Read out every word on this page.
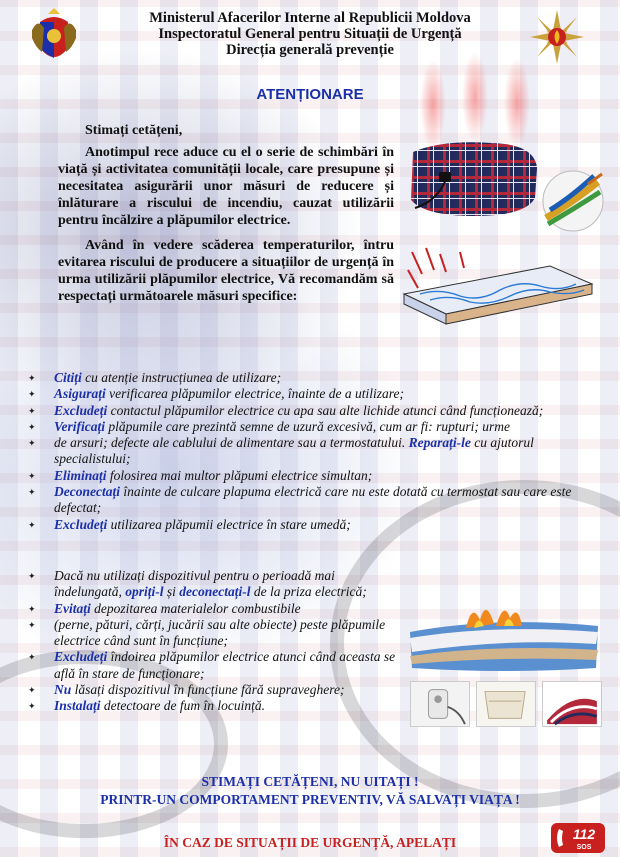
Ministerul Afacerilor Interne al Republicii Moldova
Inspectoratul General pentru Situații de Urgență
Direcția generală prevenție
ATENȚIONARE

Stimați cetățeni,

Anotimpul rece aduce cu el o serie de schimbări în viață și activitatea comunității locale, care presupune și necesitatea asigurării unor măsuri de reducere și înlăturare a riscului de incendiu, cauzat utilizării pentru încălzire a plăpumilor electrice.

Având în vedere scăderea temperaturilor, întru evitarea riscului de producere a situațiilor de urgență în urma utilizării plăpumilor electrice, Vă recomandăm să respectați următoarele măsuri specifice:

✦ Citiți cu atenție instrucțiunea de utilizare;
✦ Asigurați verificarea plăpumilor electrice, înainte de a utilizare;
✦ Excludeți contactul plăpumilor electrice cu apa sau alte lichide atunci când funcționează;
✦ Verificați plăpumile care prezintă semne de uzură excesivă, cum ar fi: rupturi; urme
✦ de arsuri; defecte ale cablului de alimentare sau a termostatului. Reparați-le cu ajutorul specialistului;
✦ Eliminați folosirea mai multor plăpumi electrice simultan;
✦ Deconectați înainte de culcare plapuma electrică care nu este dotată cu termostat sau care este defectat;
✦ Excludeți utilizarea plăpumii electrice în stare umedă;
✦ Dacă nu utilizați dispozitivul pentru o perioadă mai îndelungată, opriți-l și deconectați-l de la priza electrică;
✦ Evitați depozitarea materialelor combustibile
✦ (perne, pături, cărți, jucării sau alte obiecte) peste plăpumile electrice când sunt în funcțiune;
✦ Excludeți îndoirea plăpumilor electrice atunci când aceasta se află în stare de funcționare;
✦ Nu lăsați dispozitivul în funcțiune fără supraveghere;
✦ Instalați detectoare de fum în locuință.
STIMAȚI CETĂȚENI, NU UITAȚI !
PRINTR-UN COMPORTAMENT PREVENTIV, VĂ SALVAȚI VIAȚA !
ÎN CAZ DE SITUAȚII DE URGENȚĂ, APELAȚI
112
SOS
